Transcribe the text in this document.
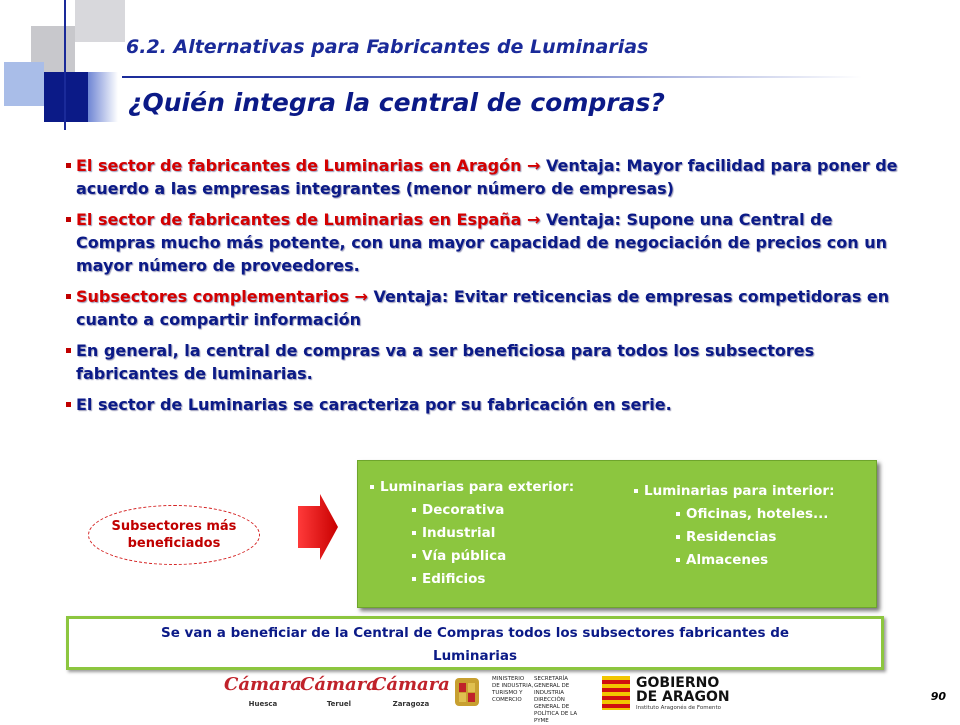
6.2. Alternativas para Fabricantes de Luminarias
¿Quién integra la central de compras?
El sector de fabricantes de Luminarias en Aragón → Ventaja: Mayor facilidad para poner de acuerdo a las empresas integrantes (menor número de empresas)
El sector de fabricantes de Luminarias en España → Ventaja: Supone una Central de Compras mucho más potente, con una mayor capacidad de negociación de precios con un mayor número de proveedores.
Subsectores complementarios → Ventaja: Evitar reticencias de empresas competidoras en cuanto a compartir información
En general, la central de compras va a ser beneficiosa para todos los subsectores fabricantes de luminarias.
El sector de Luminarias se caracteriza por su fabricación en serie.
Subsectores más
beneficiados
Luminarias para exterior:
Decorativa
Industrial
Vía pública
Edificios
Luminarias para interior:
Oficinas, hoteles...
Residencias
Almacenes
Se van a beneficiar de la Central de Compras todos los subsectores fabricantes de
Luminarias
Cámara
Huesca
Cámara
Teruel
Cámara
Zaragoza
MINISTERIO
DE INDUSTRIA,
TURISMO Y
COMERCIO
SECRETARÍA GENERAL DE
INDUSTRIA
DIRECCIÓN GENERAL DE
POLÍTICA DE LA PYME
GOBIERNO
DE ARAGON
Instituto Aragonés de Fomento
90
